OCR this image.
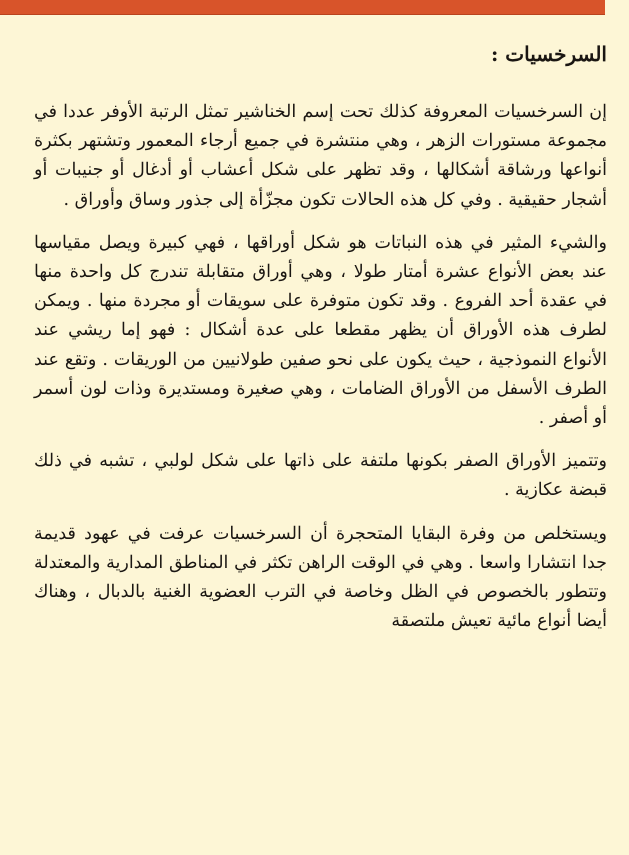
السرخسيات :

إن السرخسيات المعروفة كذلك تحت إسم الخناشير تمثل الرتبة الأوفر عددا في مجموعة مستورات الزهر ، وهي منتشرة في جميع أرجاء المعمور وتشتهر بكثرة أنواعها ورشاقة أشكالها ، وقد تظهر على شكل أعشاب أو أدغال أو جنيبات أو أشجار حقيقية . وفي كل هذه الحالات تكون مجزّأة إلى جذور وساق وأوراق .

والشيء المثير في هذه النباتات هو شكل أوراقها ، فهي كبيرة ويصل مقياسها عند بعض الأنواع عشرة أمتار طولا ، وهي أوراق متقابلة تندرج كل واحدة منها في عقدة أحد الفروع . وقد تكون متوفرة على سويقات أو مجردة منها . ويمكن لطرف هذه الأوراق أن يظهر مقطعا على عدة أشكال : فهو إما ريشي عند الأنواع النموذجية ، حيث يكون على نحو صفين طولانيين من الوريقات . وتقع عند الطرف الأسفل من الأوراق الضامات ، وهي صغيرة ومستديرة وذات لون أسمر أو أصفر .

وتتميز الأوراق الصفر بكونها ملتفة على ذاتها على شكل لولبي ، تشبه في ذلك قبضة عكازية .

ويستخلص من وفرة البقايا المتحجرة أن السرخسيات عرفت في عهود قديمة جدا انتشارا واسعا . وهي في الوقت الراهن تكثر في المناطق المدارية والمعتدلة وتتطور بالخصوص في الظل وخاصة في الترب العضوية الغنية بالدبال ، وهناك أيضا أنواع مائية تعيش ملتصقة
